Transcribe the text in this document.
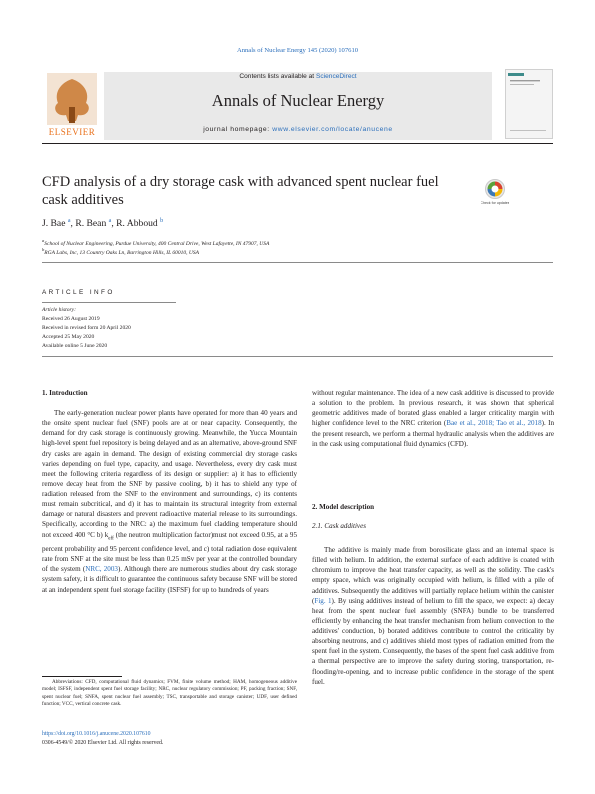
Annals of Nuclear Energy 145 (2020) 107610
ELSEVIER
Contents lists available at ScienceDirect
Annals of Nuclear Energy
journal homepage: www.elsevier.com/locate/anucene
CFD analysis of a dry storage cask with advanced spent nuclear fuel cask additives	Check for updates
J. Bae $^a$, R. Bean $^a$, R. Abboud $^b$
$^a$School of Nuclear Engineering, Purdue University, 400 Central Drive, West Lafayette, IN 47907, USA
$^b$RGA Labs, Inc, 13 Country Oaks Ln, Barrington Hills, IL 60010, USA
ARTICLE INFO
Article history:
Received 26 August 2019
Received in revised form 20 April 2020
Accepted 25 May 2020
Available online 5 June 2020
1. Introduction

The early-generation nuclear power plants have operated for more than 40 years and the onsite spent nuclear fuel (SNF) pools are at or near capacity. Consequently, the demand for dry cask storage is continuously growing. Meanwhile, the Yucca Mountain high-level spent fuel repository is being delayed and as an alternative, above-ground SNF dry casks are again in demand. The design of existing commercial dry storage casks varies depending on fuel type, capacity, and usage. Nevertheless, every dry cask must meet the following criteria regardless of its design or supplier: a) it has to efficiently remove decay heat from the SNF by passive cooling, b) it has to shield any type of radiation released from the SNF to the environment and surroundings, c) its contents must remain subcritical, and d) it has to maintain its structural integrity from external damage or natural disasters and prevent radioactive material release to its surroundings. Specifically, according to the NRC: a) the maximum fuel cladding temperature should not exceed 400 °C b) $k_{eff}$ (the neutron multiplication factor)must not exceed 0.95, at a 95 percent probability and 95 percent confidence level, and c) total radiation dose equivalent rate from SNF at the site must be less than 0.25 mSv per year at the controlled boundary of the system (NRC, 2003). Although there are numerous studies about dry cask storage system safety, it is difficult to guarantee the continuous safety because SNF will be stored at an independent spent fuel storage facility (ISFSF) for up to hundreds of years

Abbreviations: CFD, computational fluid dynamics; FVM, finite volume method; HAM, homogeneous additive model; ISFSF, independent spent fuel storage facility; NRC, nuclear regulatory commission; PF, packing fraction; SNF, spent nuclear fuel; SNFA, spent nuclear fuel assembly; TSC, transportable and storage canister; UDF, user defined function; VCC, vertical concrete cask.
https://doi.org/10.1016/j.anucene.2020.107610
0306-4549/© 2020 Elsevier Ltd. All rights reserved.

without regular maintenance. The idea of a new cask additive is discussed to provide a solution to the problem. In previous research, it was shown that spherical geometric additives made of borated glass enabled a larger criticality margin with higher confidence level to the NRC criterion (Bae et al., 2018; Tao et al., 2018). In the present research, we perform a thermal hydraulic analysis when the additives are in the cask using computational fluid dynamics (CFD).

2. Model description
2.1. Cask additives

The additive is mainly made from borosilicate glass and an internal space is filled with helium. In addition, the external surface of each additive is coated with chromium to improve the heat transfer capacity, as well as the solidity. The cask's empty space, which was originally occupied with helium, is filled with a pile of additives. Subsequently the additives will partially replace helium within the canister (Fig. 1). By using additives instead of helium to fill the space, we expect: a) decay heat from the spent nuclear fuel assembly (SNFA) bundle to be transferred efficiently by enhancing the heat transfer mechanism from helium convection to the additives' conduction, b) borated additives contribute to control the criticality by absorbing neutrons, and c) additives shield most types of radiation emitted from the spent fuel in the system. Consequently, the bases of the spent fuel cask additive from a thermal perspective are to improve the safety during storing, transportation, re-flooding/re-opening, and to increase public confidence in the storage of the spent fuel.
